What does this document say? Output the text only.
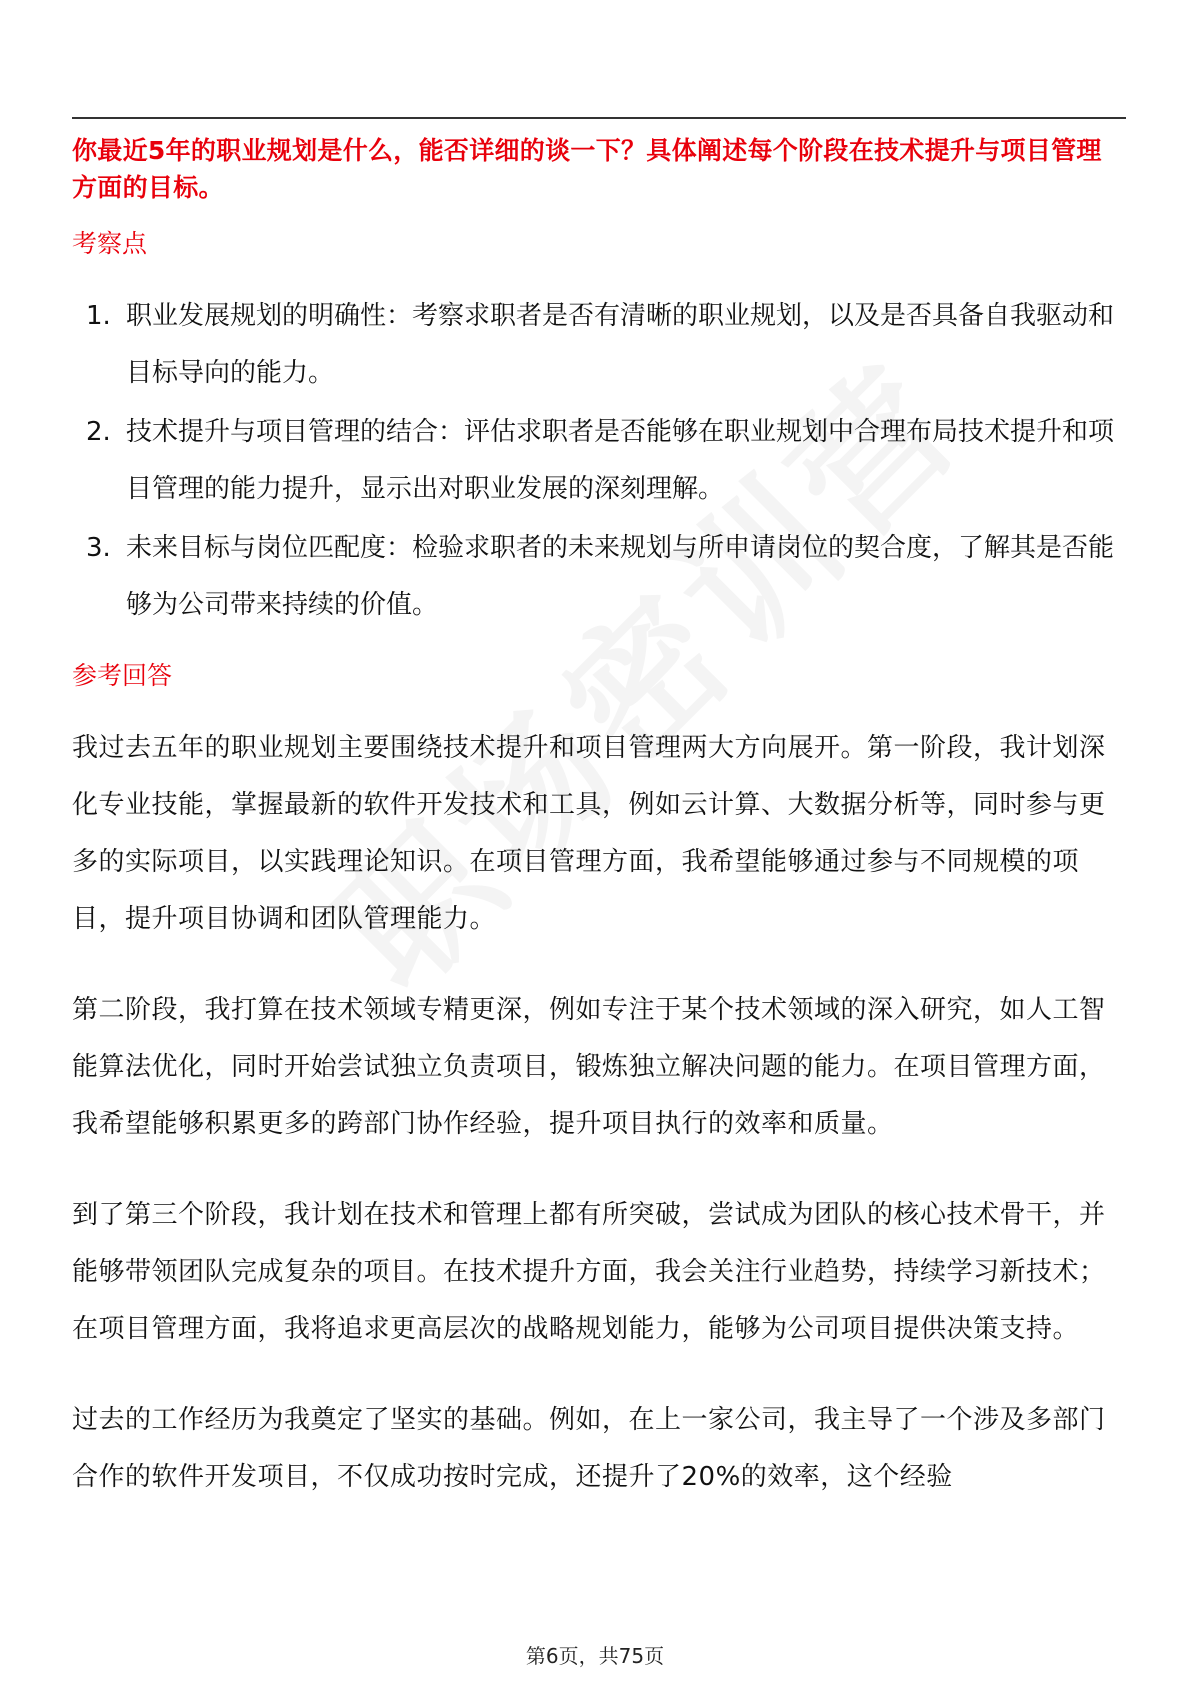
你最近5年的职业规划是什么，能否详细的谈一下？具体阐述每个阶段在技术提升与项目管理方面的目标。

考察点

1. 职业发展规划的明确性：考察求职者是否有清晰的职业规划，以及是否具备自我驱动和目标导向的能力。
2. 技术提升与项目管理的结合：评估求职者是否能够在职业规划中合理布局技术提升和项目管理的能力提升，显示出对职业发展的深刻理解。
3. 未来目标与岗位匹配度：检验求职者的未来规划与所申请岗位的契合度，了解其是否能够为公司带来持续的价值。

参考回答

我过去五年的职业规划主要围绕技术提升和项目管理两大方向展开。第一阶段，我计划深化专业技能，掌握最新的软件开发技术和工具，例如云计算、大数据分析等，同时参与更多的实际项目，以实践理论知识。在项目管理方面，我希望能够通过参与不同规模的项目，提升项目协调和团队管理能力。

第二阶段，我打算在技术领域专精更深，例如专注于某个技术领域的深入研究，如人工智能算法优化，同时开始尝试独立负责项目，锻炼独立解决问题的能力。在项目管理方面，我希望能够积累更多的跨部门协作经验，提升项目执行的效率和质量。

到了第三个阶段，我计划在技术和管理上都有所突破，尝试成为团队的核心技术骨干，并能够带领团队完成复杂的项目。在技术提升方面，我会关注行业趋势，持续学习新技术；在项目管理方面，我将追求更高层次的战略规划能力，能够为公司项目提供决策支持。

过去的工作经历为我奠定了坚实的基础。例如，在上一家公司，我主导了一个涉及多部门合作的软件开发项目，不仅成功按时完成，还提升了20%的效率，这个经验

第6页，共75页
